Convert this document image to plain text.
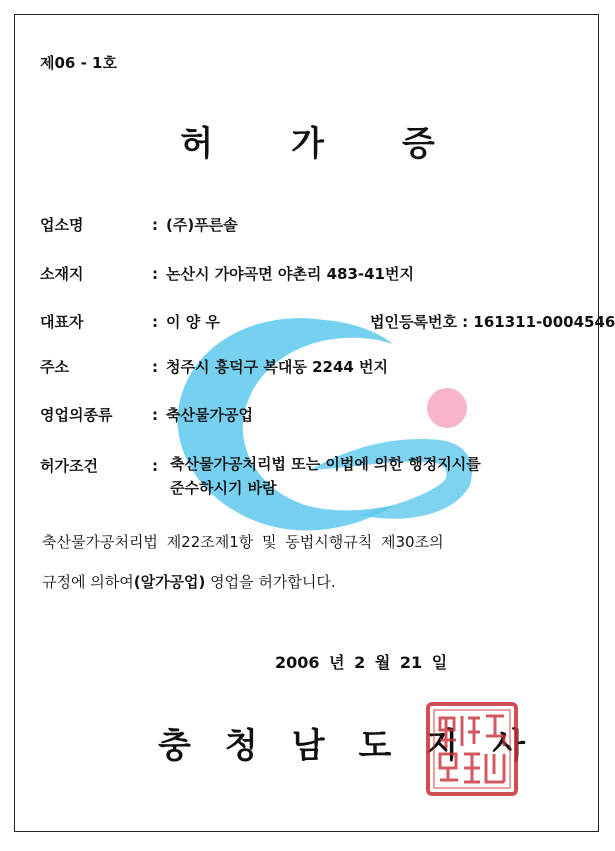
제06 - 1호
허가증
업소명	: (주)푸른솔
소재지	: 논산시 가야곡면 야촌리 483-41번지
대표자	: 이 양 우	법인등록번호 : 161311-0004546
주소	: 청주시 흥덕구 복대동 2244 번지
영업의종류	: 축산물가공업
허가조건	: 축산물가공처리법 또는 이법에 의한 행정지시를
준수하시기 바람
축산물가공처리법 제22조제1항 및 동법시행규칙 제30조의
규정에 의하여(알가공업) 영업을 허가합니다.
2006 년 2 월 21 일
충청남도지사
